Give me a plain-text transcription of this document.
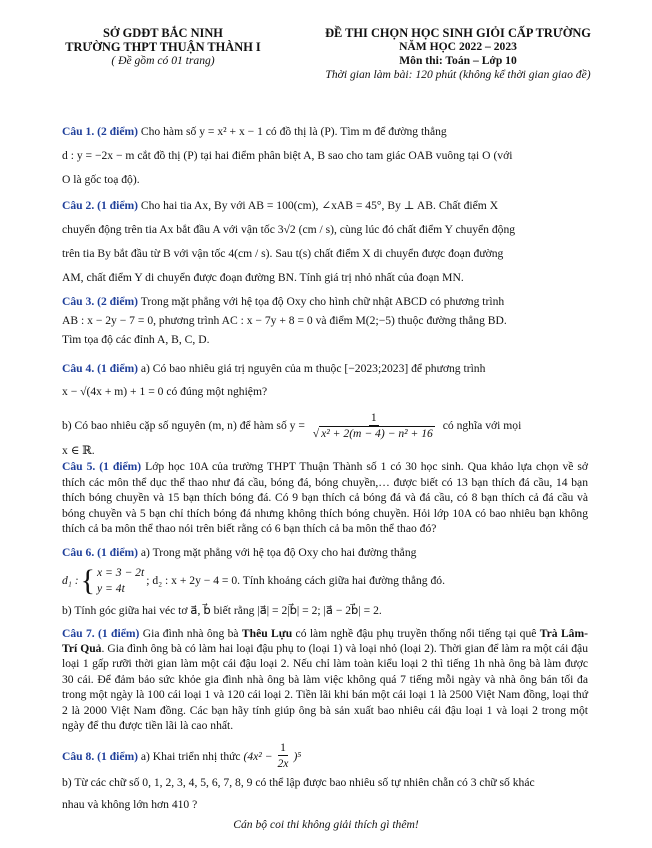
SỞ GDĐT BẮC NINH
TRƯỜNG THPT THUẬN THÀNH I
( Đề gồm có 01 trang)
ĐỀ THI CHỌN HỌC SINH GIỎI CẤP TRƯỜNG
NĂM HỌC 2022 – 2023
Môn thi: Toán – Lớp 10
Thời gian làm bài: 120 phút (không kể thời gian giao đề)
Câu 1. (2 điểm) Cho hàm số y = x² + x − 1 có đồ thị là (P). Tìm m để đường thẳng
d : y = −2x − m cắt đồ thị (P) tại hai điểm phân biệt A, B sao cho tam giác OAB vuông tại O (với
O là gốc toạ độ).
Câu 2. (1 điểm) Cho hai tia Ax, By với AB = 100(cm), ∠xAB = 45°, By ⊥ AB. Chất điểm X
chuyển động trên tia Ax bắt đầu A với vận tốc 3√2 (cm / s), cùng lúc đó chất điểm Y chuyển động
trên tia By bắt đầu từ B với vận tốc 4(cm / s). Sau t(s) chất điểm X di chuyển được đoạn đường
AM, chất điểm Y di chuyển được đoạn đường BN. Tính giá trị nhỏ nhất của đoạn MN.
Câu 3. (2 điểm) Trong mặt phẳng với hệ tọa độ Oxy cho hình chữ nhật ABCD có phương trình
AB : x − 2y − 7 = 0, phương trình AC : x − 7y + 8 = 0 và điểm M(2;−5) thuộc đường thẳng BD.
Tìm tọa độ các đỉnh A, B, C, D.
Câu 4. (1 điểm) a) Có bao nhiêu giá trị nguyên của m thuộc [−2023;2023] để phương trình
x − √(4x + m) + 1 = 0 có đúng một nghiệm?
b) Có bao nhiêu cặp số nguyên (m, n) để hàm số $y = \frac{1}{\text{√ x² + 2(m − 4) − n² + 16}}$ có nghĩa với mọi
x ∈ ℝ.

Câu 5. (1 điểm) Lớp học 10A của trường THPT Thuận Thành số 1 có 30 học sinh. Qua khảo lựa chọn về sở thích các môn thể dục thể thao như đá cầu, bóng đá, bóng chuyền,… được biết có 13 bạn thích đá cầu, 14 bạn thích bóng chuyền và 15 bạn thích bóng đá. Có 9 bạn thích cả bóng đá và đá cầu, có 8 bạn thích cả đá cầu và bóng chuyền và 5 bạn chỉ thích bóng đá nhưng không thích bóng chuyền. Hỏi lớp 10A có bao nhiêu bạn không thích cả ba môn thể thao nói trên biết rằng có 6 bạn thích cả ba môn thể thao đó?

Câu 6. (1 điểm) a) Trong mặt phẳng với hệ tọa độ Oxy cho hai đường thẳng
d₁ : { x = 3 − 2t
y = 4t
; d₂ : x + 2y − 4 = 0. Tính khoảng cách giữa hai đường thẳng đó.
b) Tính góc giữa hai véc tơ a⃗, b⃗ biết rằng |a⃗| = 2|b⃗| = 2; |a⃗ − 2b⃗| = 2.

Câu 7. (1 điểm) Gia đình nhà ông bà Thêu Lựu có làm nghề đậu phụ truyền thống nổi tiếng tại quê Trà Lâm- Trí Quả. Gia đình ông bà có làm hai loại đậu phụ to (loại 1) và loại nhỏ (loại 2). Thời gian để làm ra một cái đậu loại 1 gấp rưỡi thời gian làm một cái đậu loại 2. Nếu chỉ làm toàn kiểu loại 2 thì tiếng 1h nhà ông bà làm được 30 cái. Để đảm bảo sức khỏe gia đình nhà ông bà làm việc không quá 7 tiếng mỗi ngày và nhà ông bán tối đa trong một ngày là 100 cái loại 1 và 120 cái loại 2. Tiền lãi khi bán một cái loại 1 là 2500 Việt Nam đồng, loại thứ 2 là 2000 Việt Nam đồng. Các bạn hãy tính giúp ông bà sản xuất bao nhiêu cái đậu loại 1 và loại 2 trong một ngày để thu được tiền lãi là cao nhất.

Câu 8. (1 điểm)
a) Khai triển nhị thức
$(4x^2 - \frac{1}{2x} )^5$
b) Từ các chữ số 0, 1, 2, 3, 4, 5, 6, 7, 8, 9 có thể lập được bao nhiêu số tự nhiên chẵn có 3 chữ số khác
nhau và không lớn hơn 410 ?
Cán bộ coi thi không giải thích gì thêm!
